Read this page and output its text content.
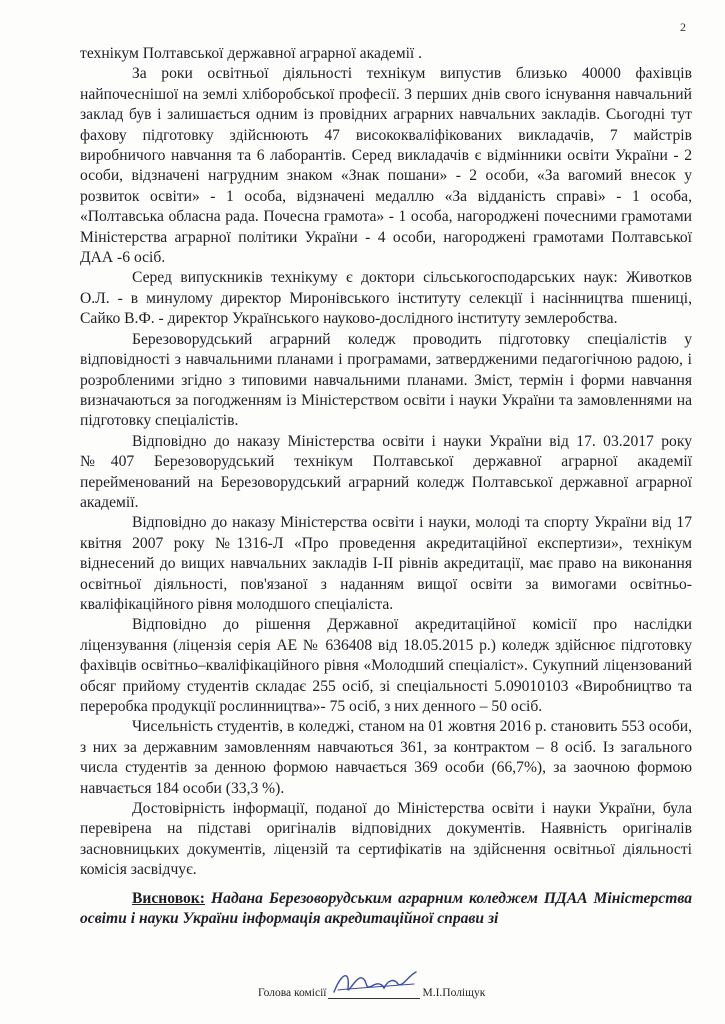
2

технікум Полтавської державної аграрної академії .

За роки освітньої діяльності технікум випустив близько 40000 фахівців найпочеснішої на землі хліборобської професії. З перших днів свого існування навчальний заклад був і залишається одним із провідних аграрних навчальних закладів. Сьогодні тут фахову підготовку здійснюють 47 висококваліфікованих викладачів, 7 майстрів виробничого навчання та 6 лаборантів. Серед викладачів є відмінники освіти України - 2 особи, відзначені нагрудним знаком «Знак пошани» - 2 особи, «За вагомий внесок у розвиток освіти» - 1 особа, відзначені медаллю «За відданість справі» - 1 особа, «Полтавська обласна рада. Почесна грамота» - 1 особа, нагороджені почесними грамотами Міністерства аграрної політики України - 4 особи, нагороджені грамотами Полтавської ДАА -6 осіб.

Серед випускників технікуму є доктори сільськогосподарських наук: Животков О.Л. - в минулому директор Миронівського інституту селекції і насінництва пшениці, Сайко В.Ф. - директор Українського науково-дослідного інституту землеробства.

Березоворудський аграрний коледж проводить підготовку спеціалістів у відповідності з навчальними планами і програмами, затвердженими педагогічною радою, і розробленими згідно з типовими навчальними планами. Зміст, термін і форми навчання визначаються за погодженням із Міністерством освіти і науки України та замовленнями на підготовку спеціалістів.

Відповідно до наказу Міністерства освіти і науки України від 17. 03.2017 року №407 Березоворудський технікум Полтавської державної аграрної академії перейменований на Березоворудський аграрний коледж Полтавської державної аграрної академії.

Відповідно до наказу Міністерства освіти і науки, молоді та спорту України від 17 квітня 2007 року №1316-Л «Про проведення акредитаційної експертизи», технікум віднесений до вищих навчальних закладів І-ІІ рівнів акредитації, має право на виконання освітньої діяльності, пов'язаної з наданням вищої освіти за вимогами освітньо-кваліфікаційного рівня молодшого спеціаліста.

Відповідно до рішення Державної акредитаційної комісії про наслідки ліцензування (ліцензія серія АЕ № 636408 від 18.05.2015 р.) коледж здійснює підготовку фахівців освітньо–кваліфікаційного рівня «Молодший спеціаліст». Сукупний ліцензований обсяг прийому студентів складає 255 осіб, зі спеціальності 5.09010103 «Виробництво та переробка продукції рослинництва»- 75 осіб, з них денного – 50 осіб.

Чисельність студентів, в коледжі, станом на 01 жовтня 2016 р. становить 553 особи, з них за державним замовленням навчаються 361, за контрактом – 8 осіб. Із загального числа студентів за денною формою навчається 369 особи (66,7%), за заочною формою навчається 184 особи (33,3 %).

Достовірність інформації, поданої до Міністерства освіти і науки України, була перевірена на підставі оригіналів відповідних документів. Наявність оригіналів засновницьких документів, ліцензій та сертифікатів на здійснення освітньої діяльності комісія засвідчує.

Висновок: Надана Березоворудським аграрним коледжем ПДАА Міністерства освіти і науки України інформація акредитаційної справи зі

Голова комісії	М.І.Поліщук
